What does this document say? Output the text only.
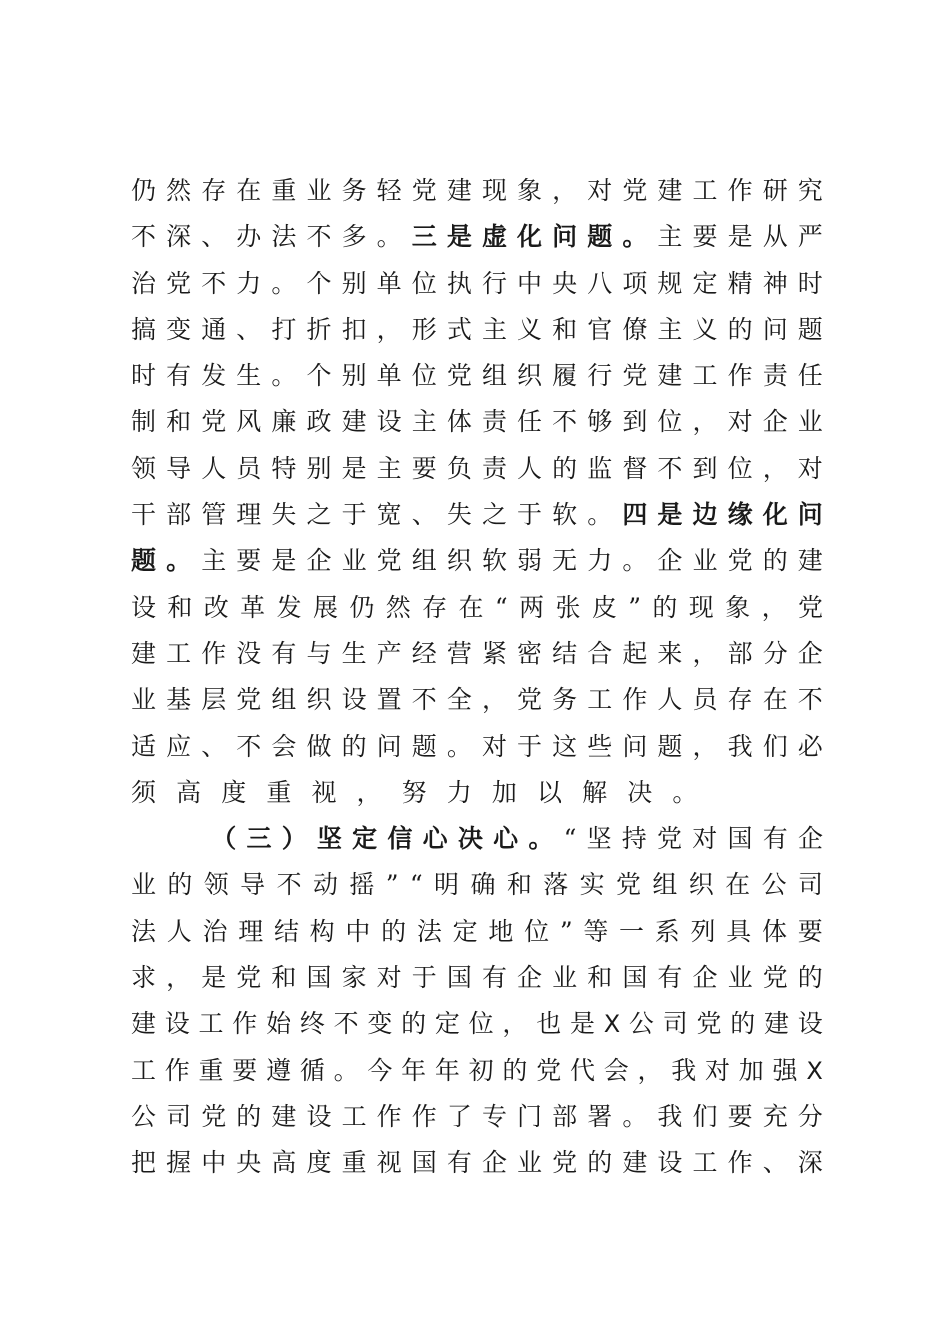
仍 然 存 在 重 业 务 轻 党 建 现 象 ， 对 党 建 工 作 研 究
不 深 、 办 法 不 多 。 三 是 虚 化 问 题 。 主 要 是 从 严
治 党 不 力 。 个 别 单 位 执 行 中 央 八 项 规 定 精 神 时
搞 变 通 、 打 折 扣 ， 形 式 主 义 和 官 僚 主 义 的 问 题
时 有 发 生 。 个 别 单 位 党 组 织 履 行 党 建 工 作 责 任
制 和 党 风 廉 政 建 设 主 体 责 任 不 够 到 位 ， 对 企 业
领 导 人 员 特 别 是 主 要 负 责 人 的 监 督 不 到 位 ， 对
干 部 管 理 失 之 于 宽 、 失 之 于 软 。 四 是 边 缘 化 问
题 。 主 要 是 企 业 党 组 织 软 弱 无 力 。 企 业 党 的 建
设 和 改 革 发 展 仍 然 存 在 “ 两 张 皮 ” 的 现 象 ， 党
建 工 作 没 有 与 生 产 经 营 紧 密 结 合 起 来 ， 部 分 企
业 基 层 党 组 织 设 置 不 全 ， 党 务 工 作 人 员 存 在 不
适 应 、 不 会 做 的 问 题 。 对 于 这 些 问 题 ， 我 们 必
须 高 度 重 视 ， 努 力 加 以 解 决 。
（ 三 ） 坚 定 信 心 决 心 。 “ 坚 持 党 对 国 有 企
业 的 领 导 不 动 摇 ” “ 明 确 和 落 实 党 组 织 在 公 司
法 人 治 理 结 构 中 的 法 定 地 位 ” 等 一 系 列 具 体 要
求 ， 是 党 和 国 家 对 于 国 有 企 业 和 国 有 企 业 党 的
建 设 工 作 始 终 不 变 的 定 位 ， 也 是 X 公 司 党 的 建 设
工 作 重 要 遵 循 。 今 年 年 初 的 党 代 会 ， 我 对 加 强 X
公 司 党 的 建 设 工 作 作 了 专 门 部 署 。 我 们 要 充 分
把 握 中 央 高 度 重 视 国 有 企 业 党 的 建 设 工 作 、 深
